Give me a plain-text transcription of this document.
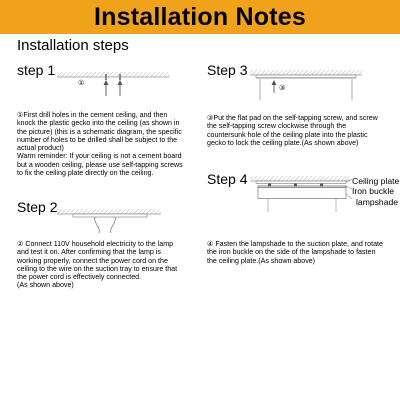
Installation Notes
Installation steps
step 1
①

①First drill holes in the cement ceiling, and then

knock the plastic gecko into the ceiling (as shown in

the picture) (this is a schematic diagram, the specific

number of holes to be drilled shall be subject to the

actual product)

Warm reminder: If your ceiling is not a cement board

but a wooden ceiling, please use self-tapping screws

to fix the ceiling plate directly on the ceiling.

Step 2

② Connect 110V household electricity to the lamp

and test it on. After confirming that the lamp is

working properly, connect the power cord on the

ceiling to the wire on the suction tray to ensure that

the power cord is effectively connected.

(As shown above)

Step 3
③

③Put the flat pad on the self-tapping screw, and screw

the self-tapping screw clockwise through the

countersunk hole of the ceiling plate into the plastic

gecko to lock the ceiling plate.(As shown above)

Step 4	Ceiling plate
Iron buckle
lampshade

④ Fasten the lampshade to the suction plate, and rotate

the iron buckle on the side of the lampshade to fasten

the ceiling plate.(As shown above)
